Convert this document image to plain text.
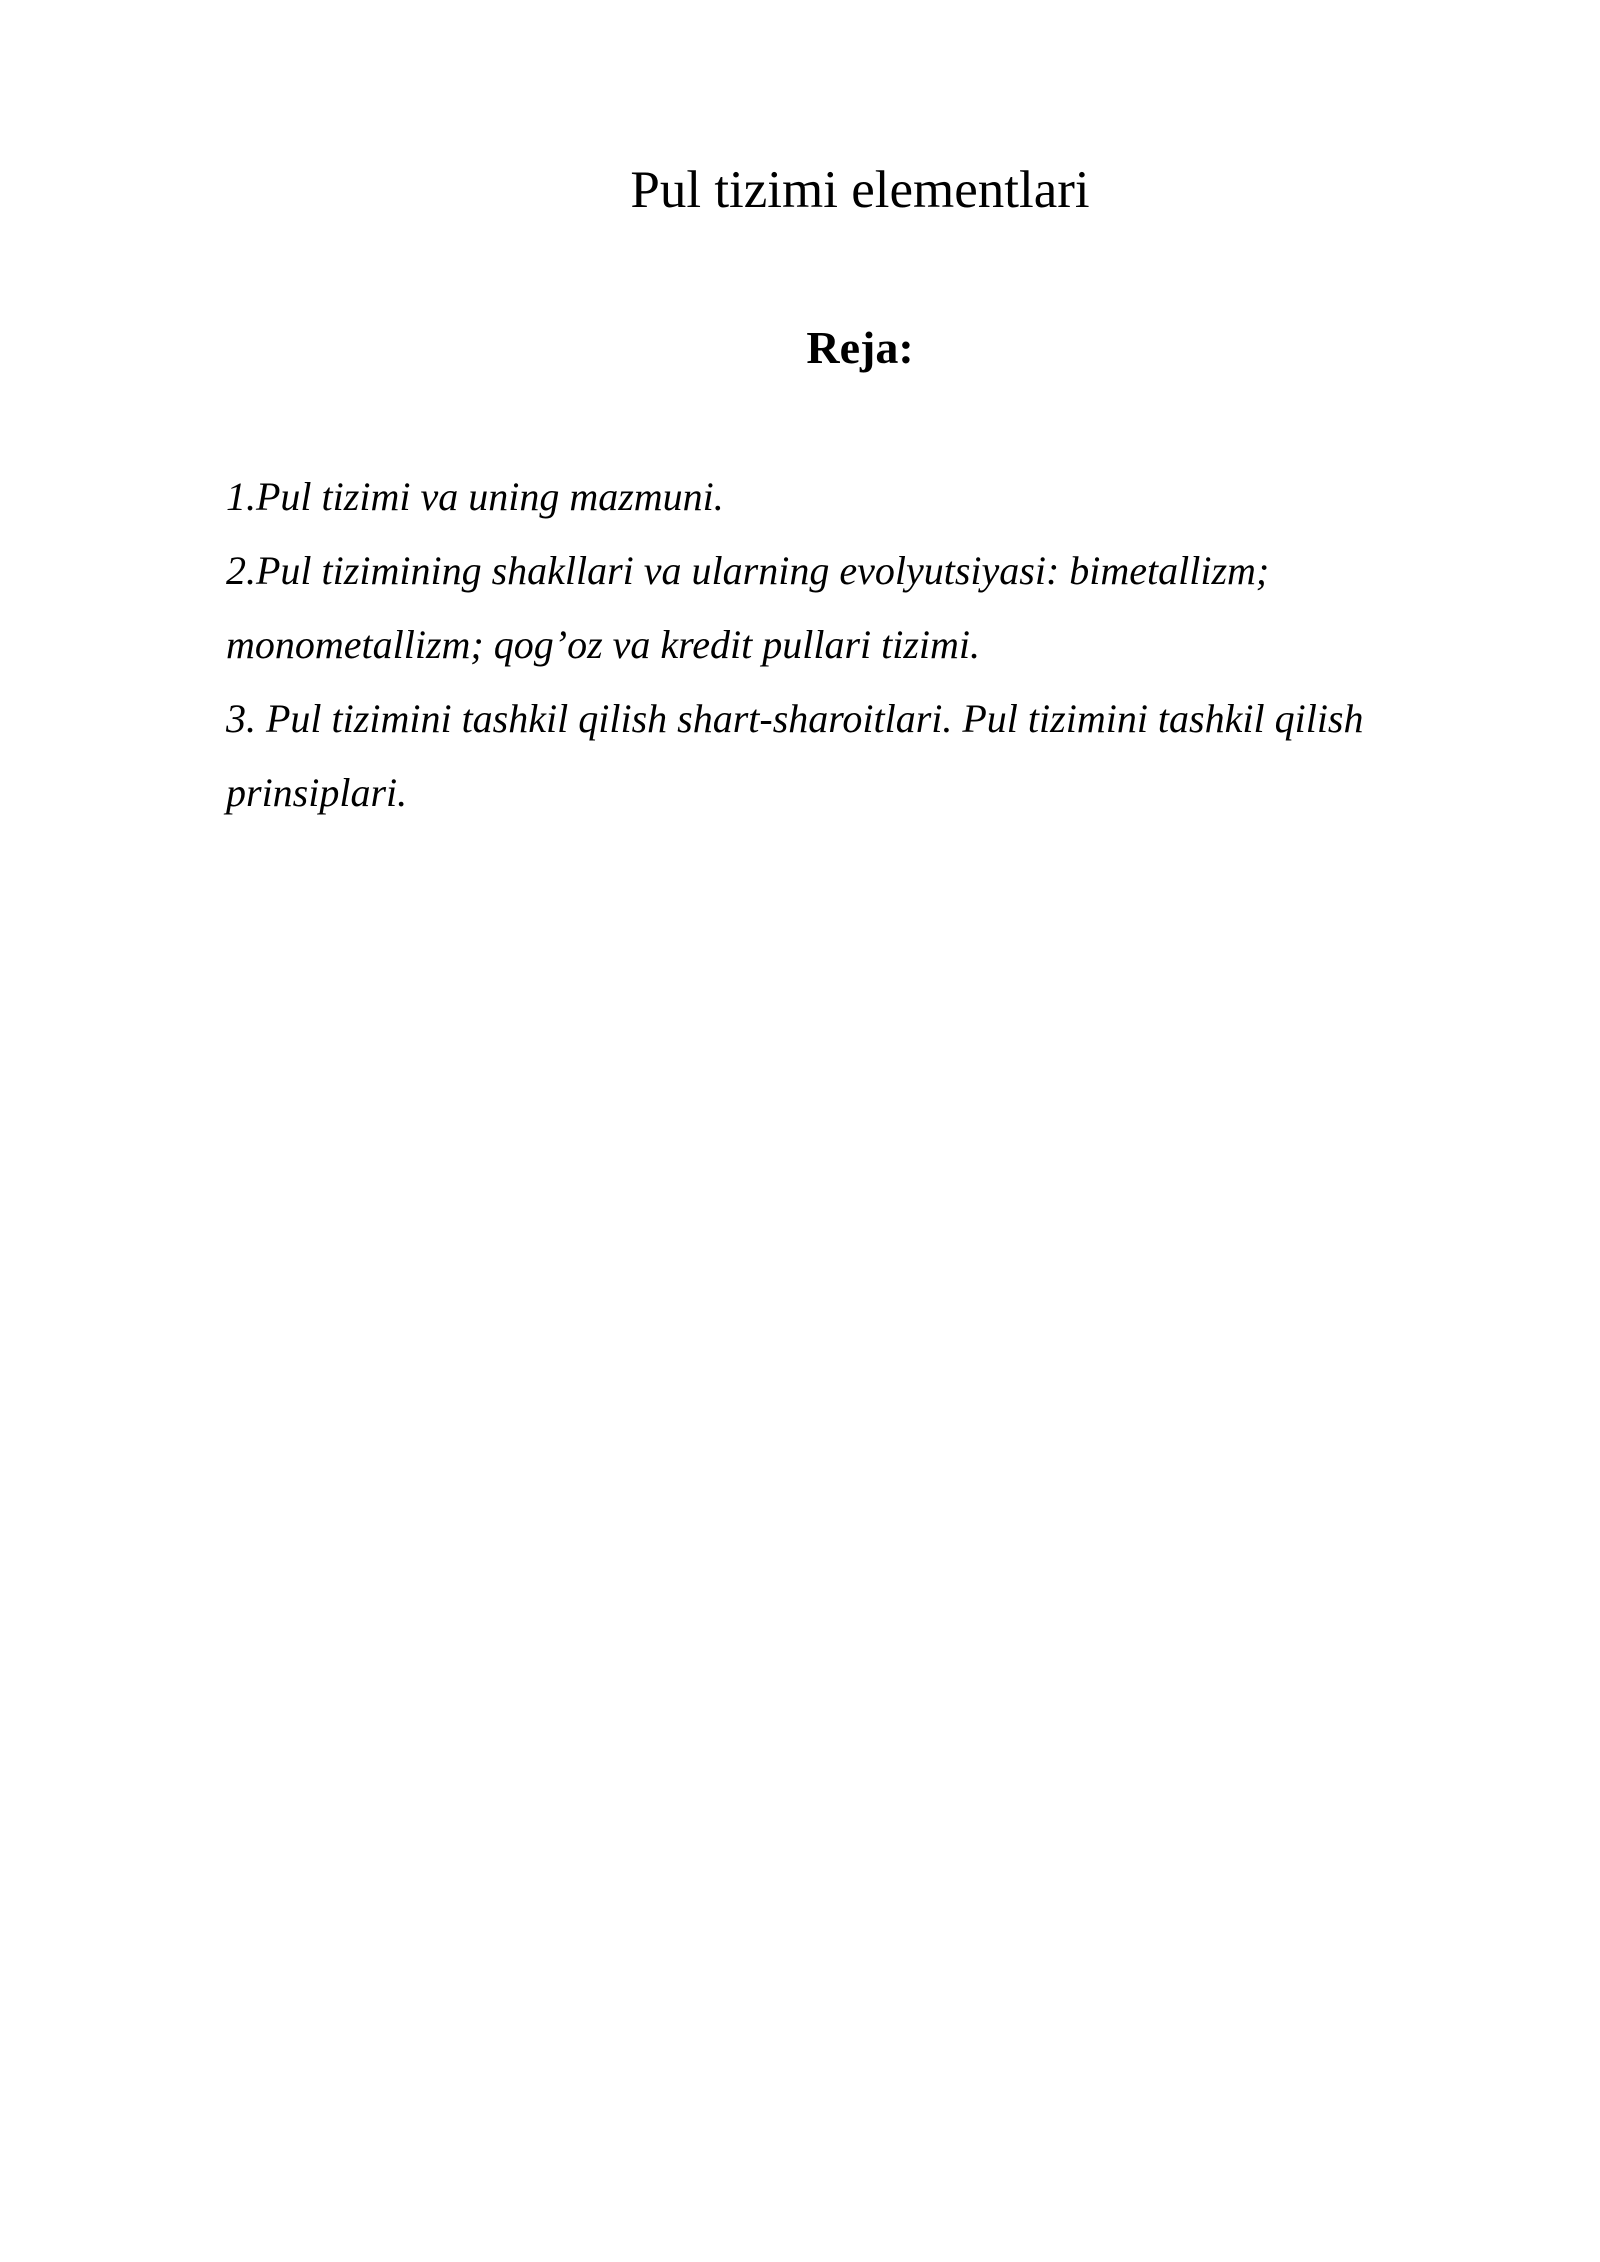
Pul tizimi elementlari
Reja:
1.Pul tizimi va uning mazmuni.
2.Pul tizimining shakllari va ularning evolyutsiyasi: bimetallizm; monometallizm; qog’oz va kredit pullari tizimi.
3. Pul tizimini tashkil qilish shart-sharoitlari. Pul tizimini tashkil qilish prinsiplari.
